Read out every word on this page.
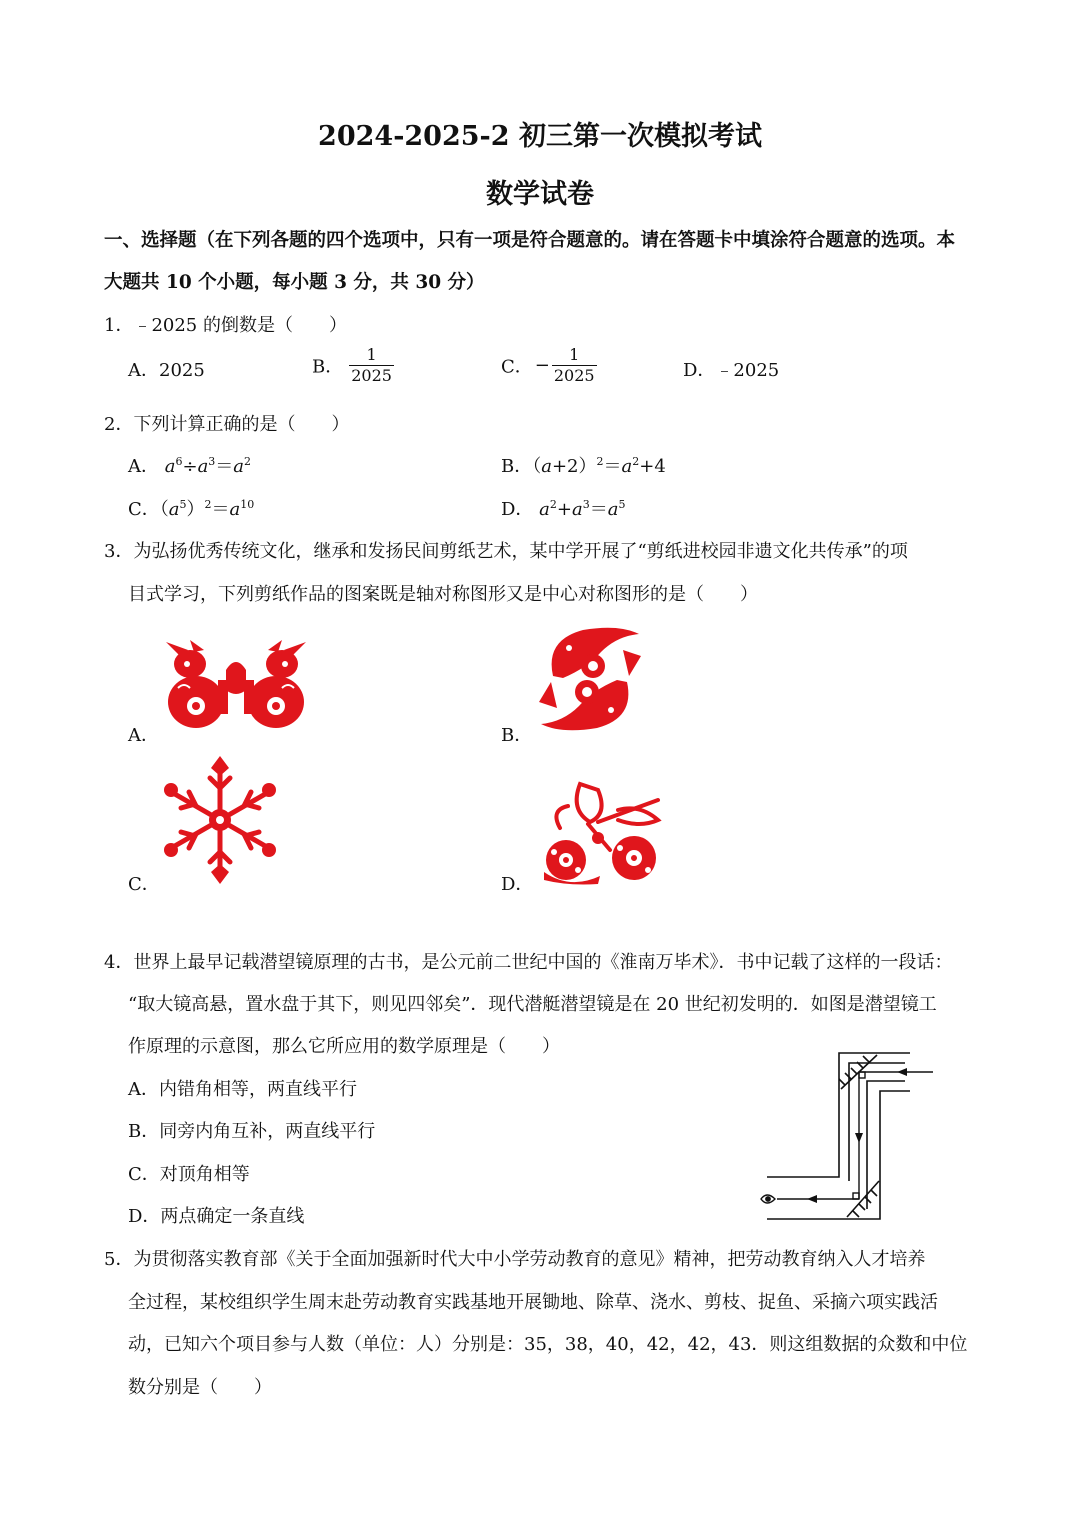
2024-2025-2 初三第一次模拟考试
数学试卷
一、选择题（在下列各题的四个选项中，只有一项是符合题意的。请在答题卡中填涂符合题意的选项。本
大题共 10 个小题，每小题 3 分，共 30 分）
1．﹣2025 的倒数是（　　）
A．2025	B． $\frac{1}{2025}$	C． − $\frac{1}{2025}$	D．﹣2025
2．下列计算正确的是（　　）
A． $a^6\div a^3=a^2$	B．$(a+2)^2=a^2+4$
C．$(a^5)^2=a^{10}$	D． $a^2+a^3=a^5$
3．为弘扬优秀传统文化，继承和发扬民间剪纸艺术，某中学开展了“剪纸进校园非遗文化共传承”的项
目式学习，下列剪纸作品的图案既是轴对称图形又是中心对称图形的是（　　）
A．	B．
C．	D．
4．世界上最早记载潜望镜原理的古书，是公元前二世纪中国的《淮南万毕术》．书中记载了这样的一段话：
“取大镜高悬，置水盘于其下，则见四邻矣”．现代潜艇潜望镜是在 20 世纪初发明的．如图是潜望镜工
作原理的示意图，那么它所应用的数学原理是（　　）
A．内错角相等，两直线平行
B．同旁内角互补，两直线平行
C．对顶角相等
D．两点确定一条直线
5．为贯彻落实教育部《关于全面加强新时代大中小学劳动教育的意见》精神，把劳动教育纳入人才培养
全过程，某校组织学生周末赴劳动教育实践基地开展锄地、除草、浇水、剪枝、捉鱼、采摘六项实践活
动，已知六个项目参与人数（单位：人）分别是：35，38，40，42，42，43．则这组数据的众数和中位
数分别是（　　）
